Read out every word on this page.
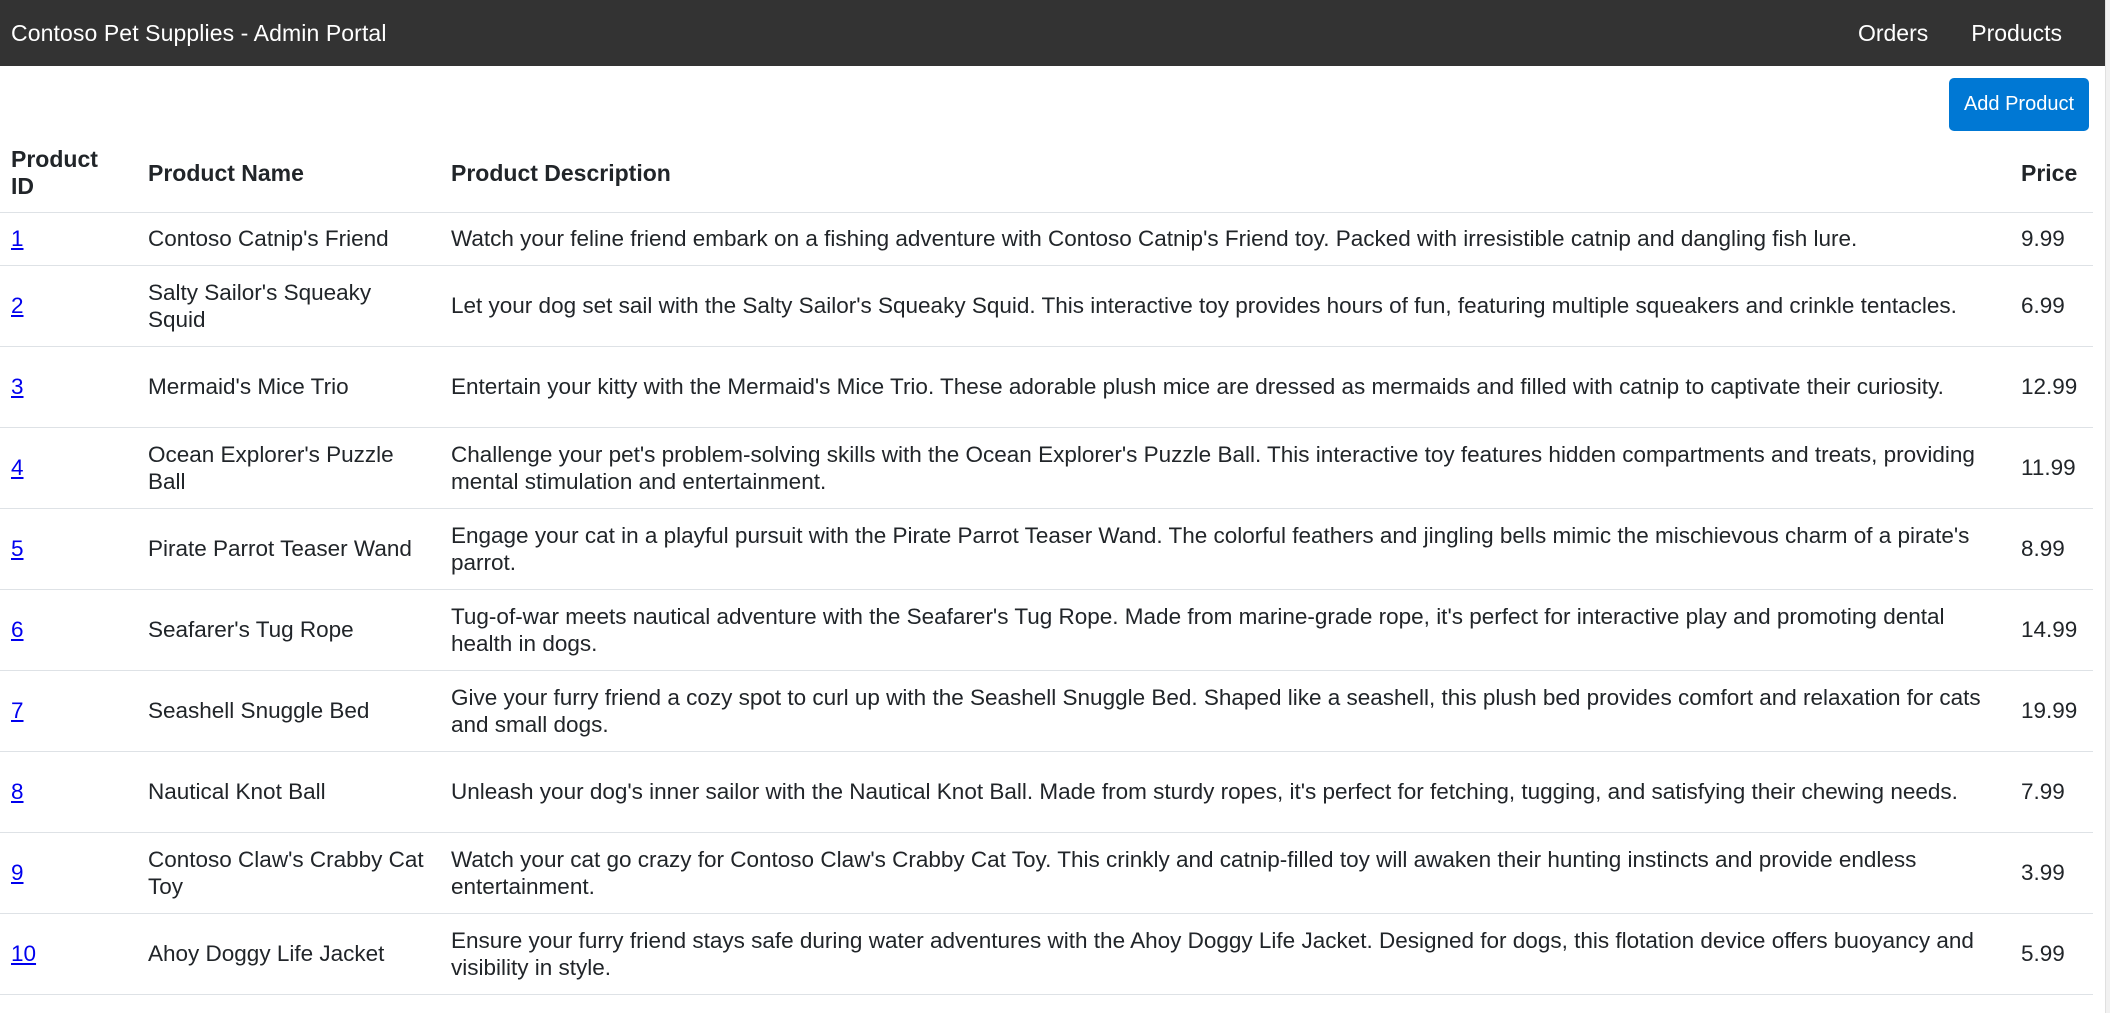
Contoso Pet Supplies - Admin Portal	Orders Products
Add Product
Product ID	Product Name	Product Description	Price
1	Contoso Catnip's Friend	Watch your feline friend embark on a fishing adventure with Contoso Catnip's Friend toy. Packed with irresistible catnip and dangling fish lure.	9.99
2	Salty Sailor's Squeaky Squid	Let your dog set sail with the Salty Sailor's Squeaky Squid. This interactive toy provides hours of fun, featuring multiple squeakers and crinkle tentacles.	6.99
3	Mermaid's Mice Trio	Entertain your kitty with the Mermaid's Mice Trio. These adorable plush mice are dressed as mermaids and filled with catnip to captivate their curiosity.	12.99
4	Ocean Explorer's Puzzle Ball	Challenge your pet's problem-solving skills with the Ocean Explorer's Puzzle Ball. This interactive toy features hidden compartments and treats, providing mental stimulation and entertainment.	11.99
5	Pirate Parrot Teaser Wand	Engage your cat in a playful pursuit with the Pirate Parrot Teaser Wand. The colorful feathers and jingling bells mimic the mischievous charm of a pirate's parrot.	8.99
6	Seafarer's Tug Rope	Tug-of-war meets nautical adventure with the Seafarer's Tug Rope. Made from marine-grade rope, it's perfect for interactive play and promoting dental health in dogs.	14.99
7	Seashell Snuggle Bed	Give your furry friend a cozy spot to curl up with the Seashell Snuggle Bed. Shaped like a seashell, this plush bed provides comfort and relaxation for cats and small dogs.	19.99
8	Nautical Knot Ball	Unleash your dog's inner sailor with the Nautical Knot Ball. Made from sturdy ropes, it's perfect for fetching, tugging, and satisfying their chewing needs.	7.99
9	Contoso Claw's Crabby Cat Toy	Watch your cat go crazy for Contoso Claw's Crabby Cat Toy. This crinkly and catnip-filled toy will awaken their hunting instincts and provide endless entertainment.	3.99
10	Ahoy Doggy Life Jacket	Ensure your furry friend stays safe during water adventures with the Ahoy Doggy Life Jacket. Designed for dogs, this flotation device offers buoyancy and visibility in style.	5.99
